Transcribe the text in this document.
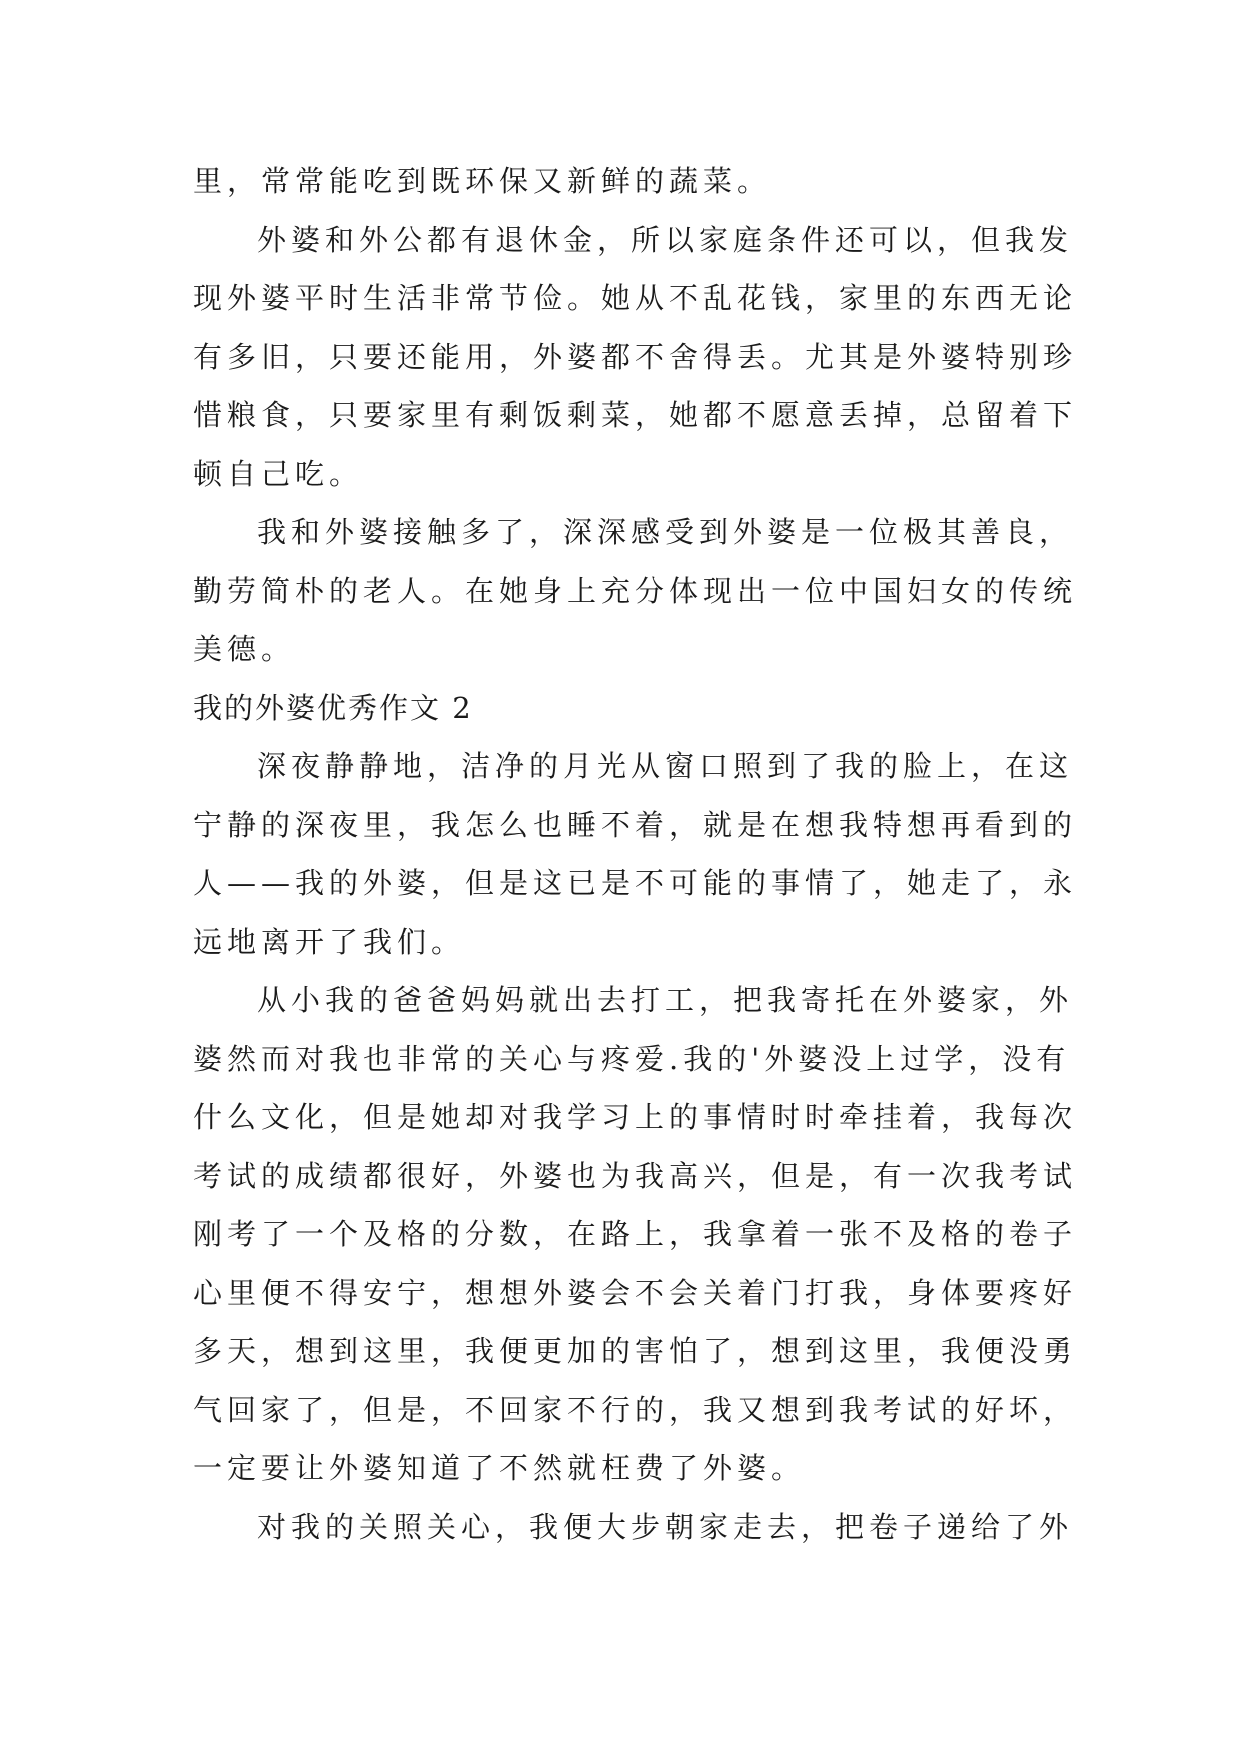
里，常常能吃到既环保又新鲜的蔬菜。
外婆和外公都有退休金，所以家庭条件还可以，但我发
现外婆平时生活非常节俭。她从不乱花钱，家里的东西无论
有多旧，只要还能用，外婆都不舍得丢。尤其是外婆特别珍
惜粮食，只要家里有剩饭剩菜，她都不愿意丢掉，总留着下
顿自己吃。
我和外婆接触多了，深深感受到外婆是一位极其善良，
勤劳简朴的老人。在她身上充分体现出一位中国妇女的传统
美德。
我的外婆优秀作文 2
深夜静静地，洁净的月光从窗口照到了我的脸上，在这
宁静的深夜里，我怎么也睡不着，就是在想我特想再看到的
人——我的外婆，但是这已是不可能的事情了，她走了，永
远地离开了我们。
从小我的爸爸妈妈就出去打工，把我寄托在外婆家，外
婆然而对我也非常的关心与疼爱.我的'外婆没上过学，没有
什么文化，但是她却对我学习上的事情时时牵挂着，我每次
考试的成绩都很好，外婆也为我高兴，但是，有一次我考试
刚考了一个及格的分数，在路上，我拿着一张不及格的卷子
心里便不得安宁，想想外婆会不会关着门打我，身体要疼好
多天，想到这里，我便更加的害怕了，想到这里，我便没勇
气回家了，但是，不回家不行的，我又想到我考试的好坏，
一定要让外婆知道了不然就枉费了外婆。
对我的关照关心，我便大步朝家走去，把卷子递给了外
